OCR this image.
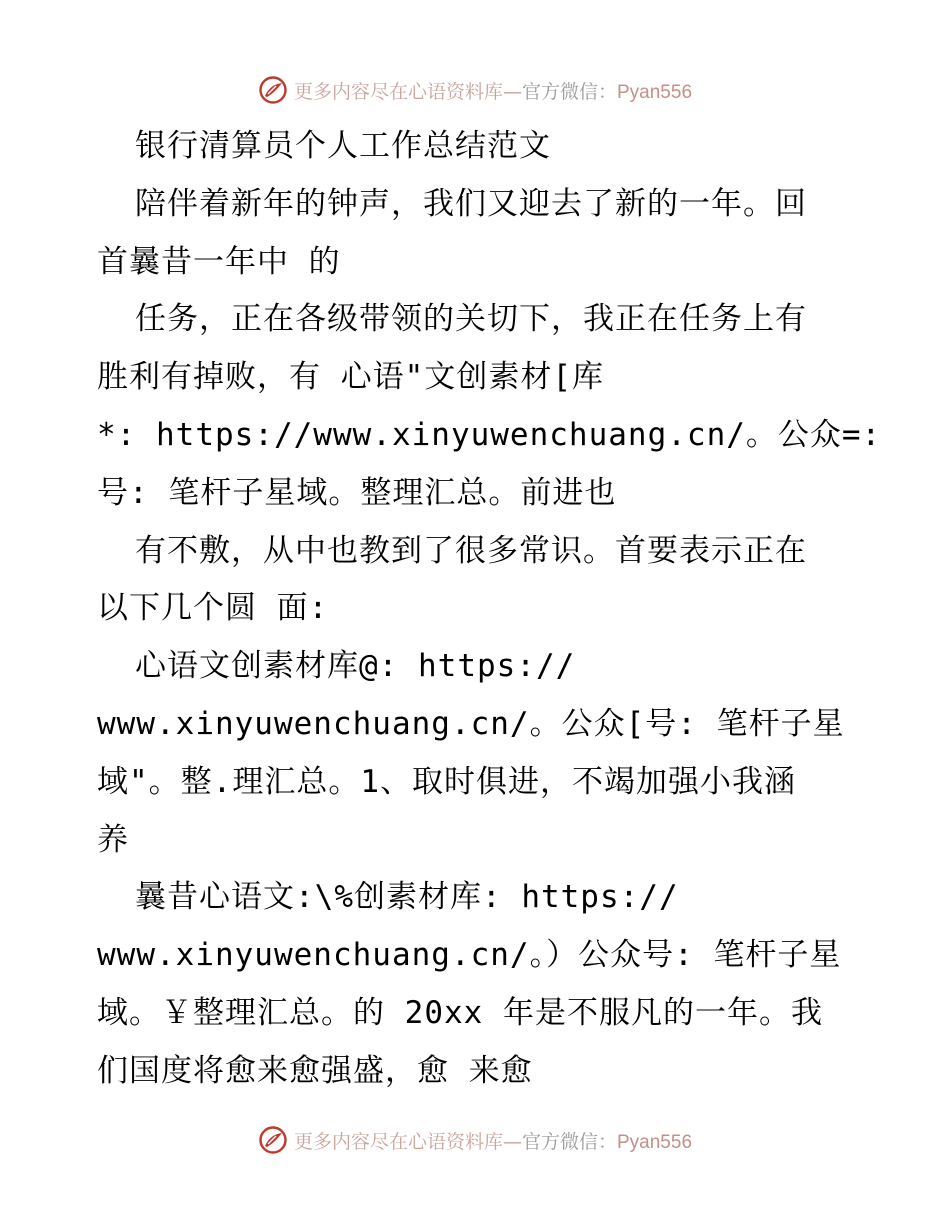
更多内容尽在心语资料库—官方微信：Pyan556
银行清算员个人工作总结范文
陪伴着新年的钟声，我们又迎去了新的一年。回
首曩昔一年中 的
任务，正在各级带领的关切下，我正在任务上有
胜利有掉败，有 心语"文创素材[库
*: https://www.xinyuwenchuang.cn/。公众=:
号: 笔杆子星域。整理汇总。前进也
有不敷，从中也教到了很多常识。首要表示正在
以下几个圆 面:
心语文创素材库@: https://
www.xinyuwenchuang.cn/。公众[号: 笔杆子星
域"。整.理汇总。1、取时俱进，不竭加强小我涵
养
曩昔心语文:\%创素材库: https://
www.xinyuwenchuang.cn/。）公众号: 笔杆子星
域。￥整理汇总。的 20xx 年是不服凡的一年。我
们国度将愈来愈强盛，愈 来愈
更多内容尽在心语资料库—官方微信：Pyan556
